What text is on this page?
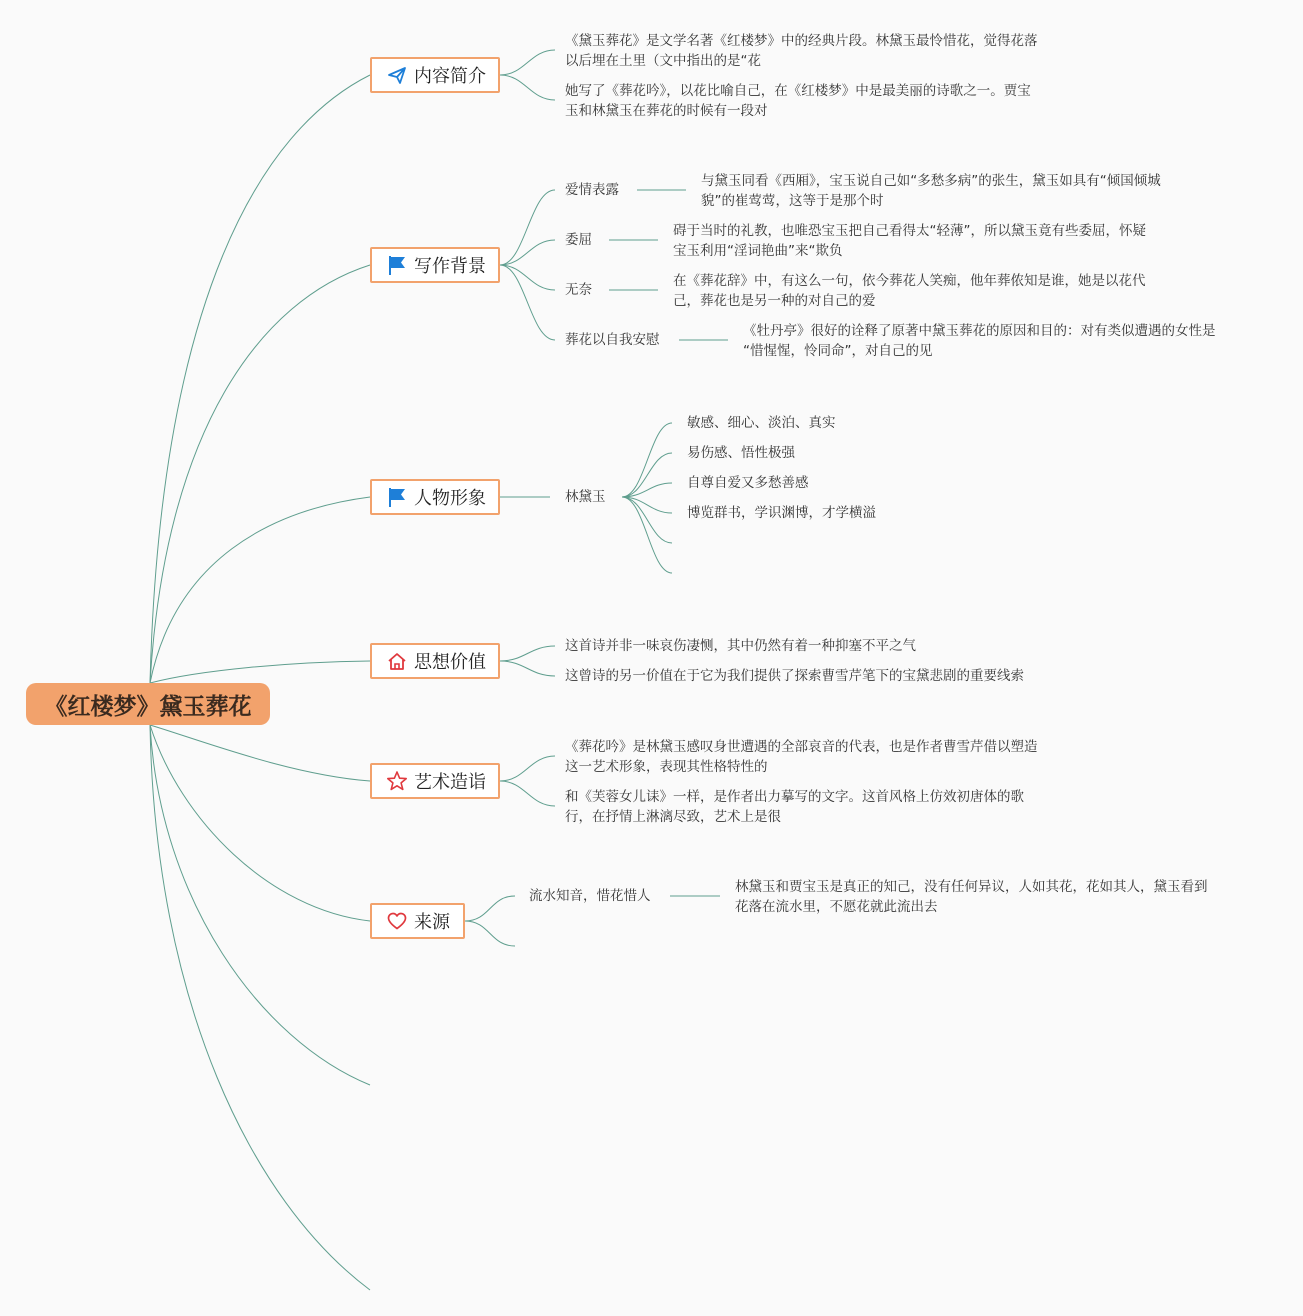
《红楼梦》黛玉葬花
内容简介
《黛玉葬花》是文学名著《红楼梦》中的经典片段。林黛玉最怜惜花，觉得花落
以后埋在土里（文中指出的是“花
她写了《葬花吟》，以花比喻自己，在《红楼梦》中是最美丽的诗歌之一。贾宝
玉和林黛玉在葬花的时候有一段对
写作背景
爱情表露
与黛玉同看《西厢》，宝玉说自己如“多愁多病”的张生，黛玉如具有“倾国倾城
貌”的崔莺莺，这等于是那个时
委屈
碍于当时的礼教，也唯恐宝玉把自己看得太“轻薄”，所以黛玉竟有些委屈，怀疑
宝玉利用“淫词艳曲”来“欺负
无奈
在《葬花辞》中，有这么一句，依今葬花人笑痴，他年葬侬知是谁，她是以花代
己，葬花也是另一种的对自己的爱
葬花以自我安慰
《牡丹亭》很好的诠释了原著中黛玉葬花的原因和目的：对有类似遭遇的女性是
“惜惺惺，怜同命”，对自己的见
人物形象	林黛玉
敏感、细心、淡泊、真实
易伤感、悟性极强
自尊自爱又多愁善感
博览群书，学识渊博，才学横溢
思想价值
这首诗并非一味哀伤凄恻，其中仍然有着一种抑塞不平之气
这曾诗的另一价值在于它为我们提供了探索曹雪芹笔下的宝黛悲剧的重要线索
艺术造诣
《葬花吟》是林黛玉感叹身世遭遇的全部哀音的代表，也是作者曹雪芹借以塑造
这一艺术形象，表现其性格特性的
和《芙蓉女儿诔》一样，是作者出力摹写的文字。这首风格上仿效初唐体的歌
行，在抒情上淋漓尽致，艺术上是很
来源
流水知音，惜花惜人
林黛玉和贾宝玉是真正的知己，没有任何异议，人如其花，花如其人，黛玉看到
花落在流水里，不愿花就此流出去
